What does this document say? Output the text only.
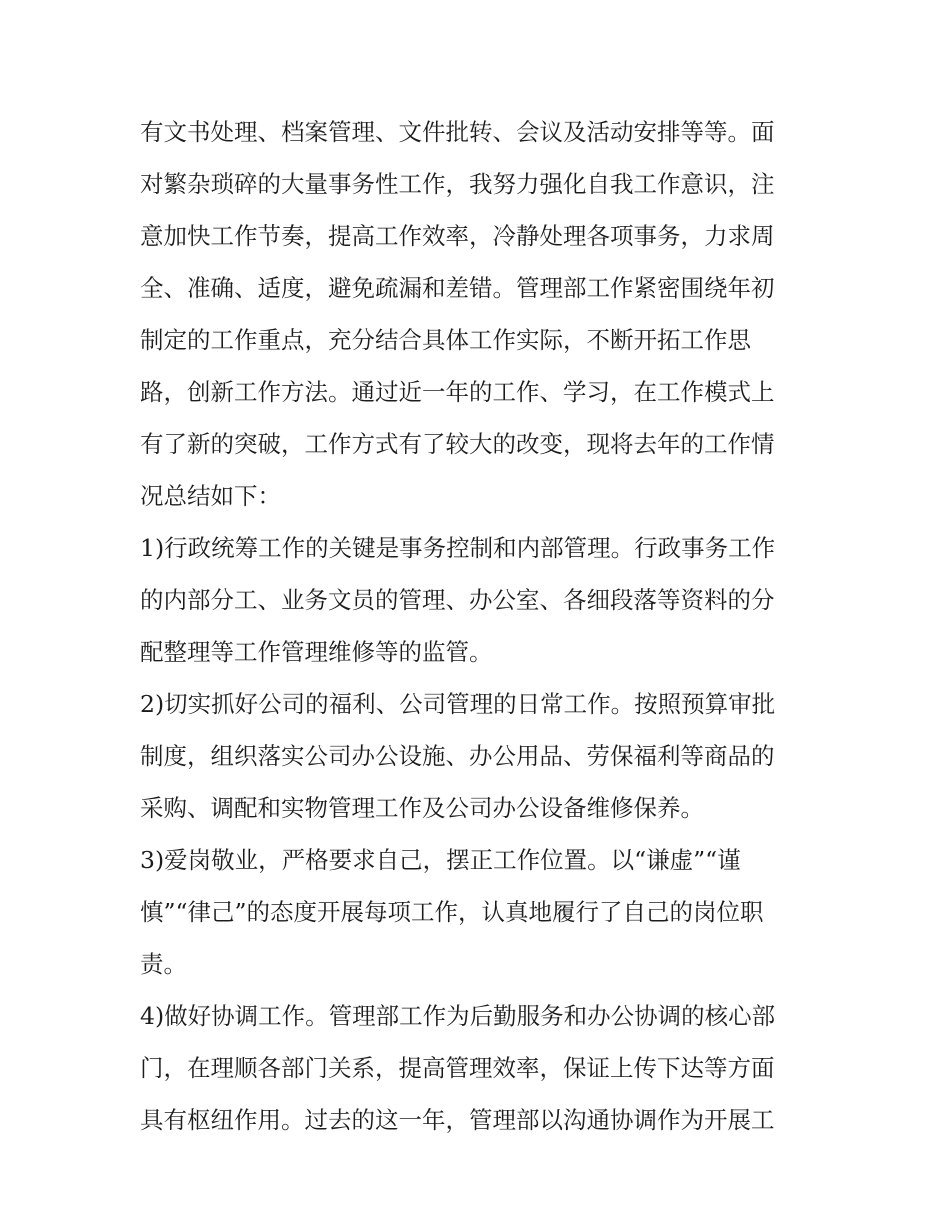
有文书处理、档案管理、文件批转、会议及活动安排等等。面
对繁杂琐碎的大量事务性工作，我努力强化自我工作意识，注
意加快工作节奏，提高工作效率，冷静处理各项事务，力求周
全、准确、适度，避免疏漏和差错。管理部工作紧密围绕年初
制定的工作重点，充分结合具体工作实际，不断开拓工作思
路，创新工作方法。通过近一年的工作、学习，在工作模式上
有了新的突破，工作方式有了较大的改变，现将去年的工作情
况总结如下：
1)行政统筹工作的关键是事务控制和内部管理。行政事务工作
的内部分工、业务文员的管理、办公室、各细段落等资料的分
配整理等工作管理维修等的监管。
2)切实抓好公司的福利、公司管理的日常工作。按照预算审批
制度，组织落实公司办公设施、办公用品、劳保福利等商品的
采购、调配和实物管理工作及公司办公设备维修保养。
3)爱岗敬业，严格要求自己，摆正工作位置。以“谦虚”“谨
慎”“律己”的态度开展每项工作，认真地履行了自己的岗位职
责。
4)做好协调工作。管理部工作为后勤服务和办公协调的核心部
门，在理顺各部门关系，提高管理效率，保证上传下达等方面
具有枢纽作用。过去的这一年，管理部以沟通协调作为开展工
